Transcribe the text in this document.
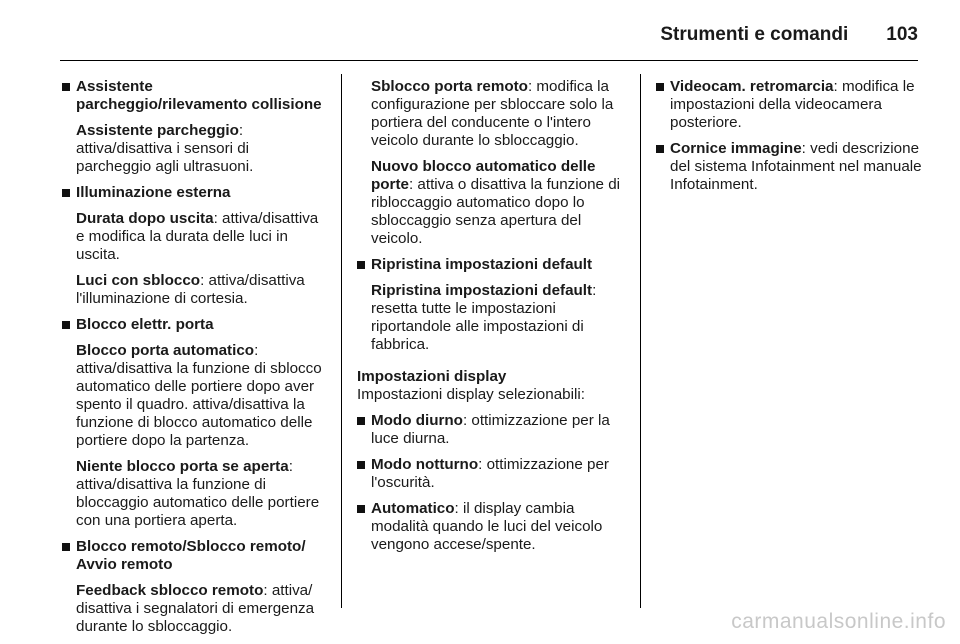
Strumenti e comandi 103
Assistente parcheggio/rilevamento collisione
Assistente parcheggio: attiva/disattiva i sensori di parcheggio agli ultrasuoni.
Illuminazione esterna
Durata dopo uscita: attiva/disattiva e modifica la durata delle luci in uscita.
Luci con sblocco: attiva/disattiva l'illuminazione di cortesia.
Blocco elettr. porta
Blocco porta automatico: attiva/disattiva la funzione di sblocco automatico delle portiere dopo aver spento il quadro. attiva/disattiva la funzione di blocco automatico delle portiere dopo la partenza.
Niente blocco porta se aperta: attiva/disattiva la funzione di bloccaggio automatico delle portiere con una portiera aperta.
Blocco remoto/Sblocco remoto/ Avvio remoto
Feedback sblocco remoto: attiva/ disattiva i segnalatori di emergenza durante lo sbloccaggio.
Sblocco porta remoto: modifica la configurazione per sbloccare solo la portiera del conducente o l'intero veicolo durante lo sbloccaggio.
Nuovo blocco automatico delle porte: attiva o disattiva la funzione di ribloccaggio automatico dopo lo sbloccaggio senza apertura del veicolo.
Ripristina impostazioni default
Ripristina impostazioni default: resetta tutte le impostazioni riportandole alle impostazioni di fabbrica.
Impostazioni display
Impostazioni display selezionabili:
Modo diurno: ottimizzazione per la luce diurna.
Modo notturno: ottimizzazione per l'oscurità.
Automatico: il display cambia modalità quando le luci del veicolo vengono accese/spente.
Videocam. retromarcia: modifica le impostazioni della videocamera posteriore.
Cornice immagine: vedi descrizione del sistema Infotainment nel manuale Infotainment.
carmanualsonline.info
